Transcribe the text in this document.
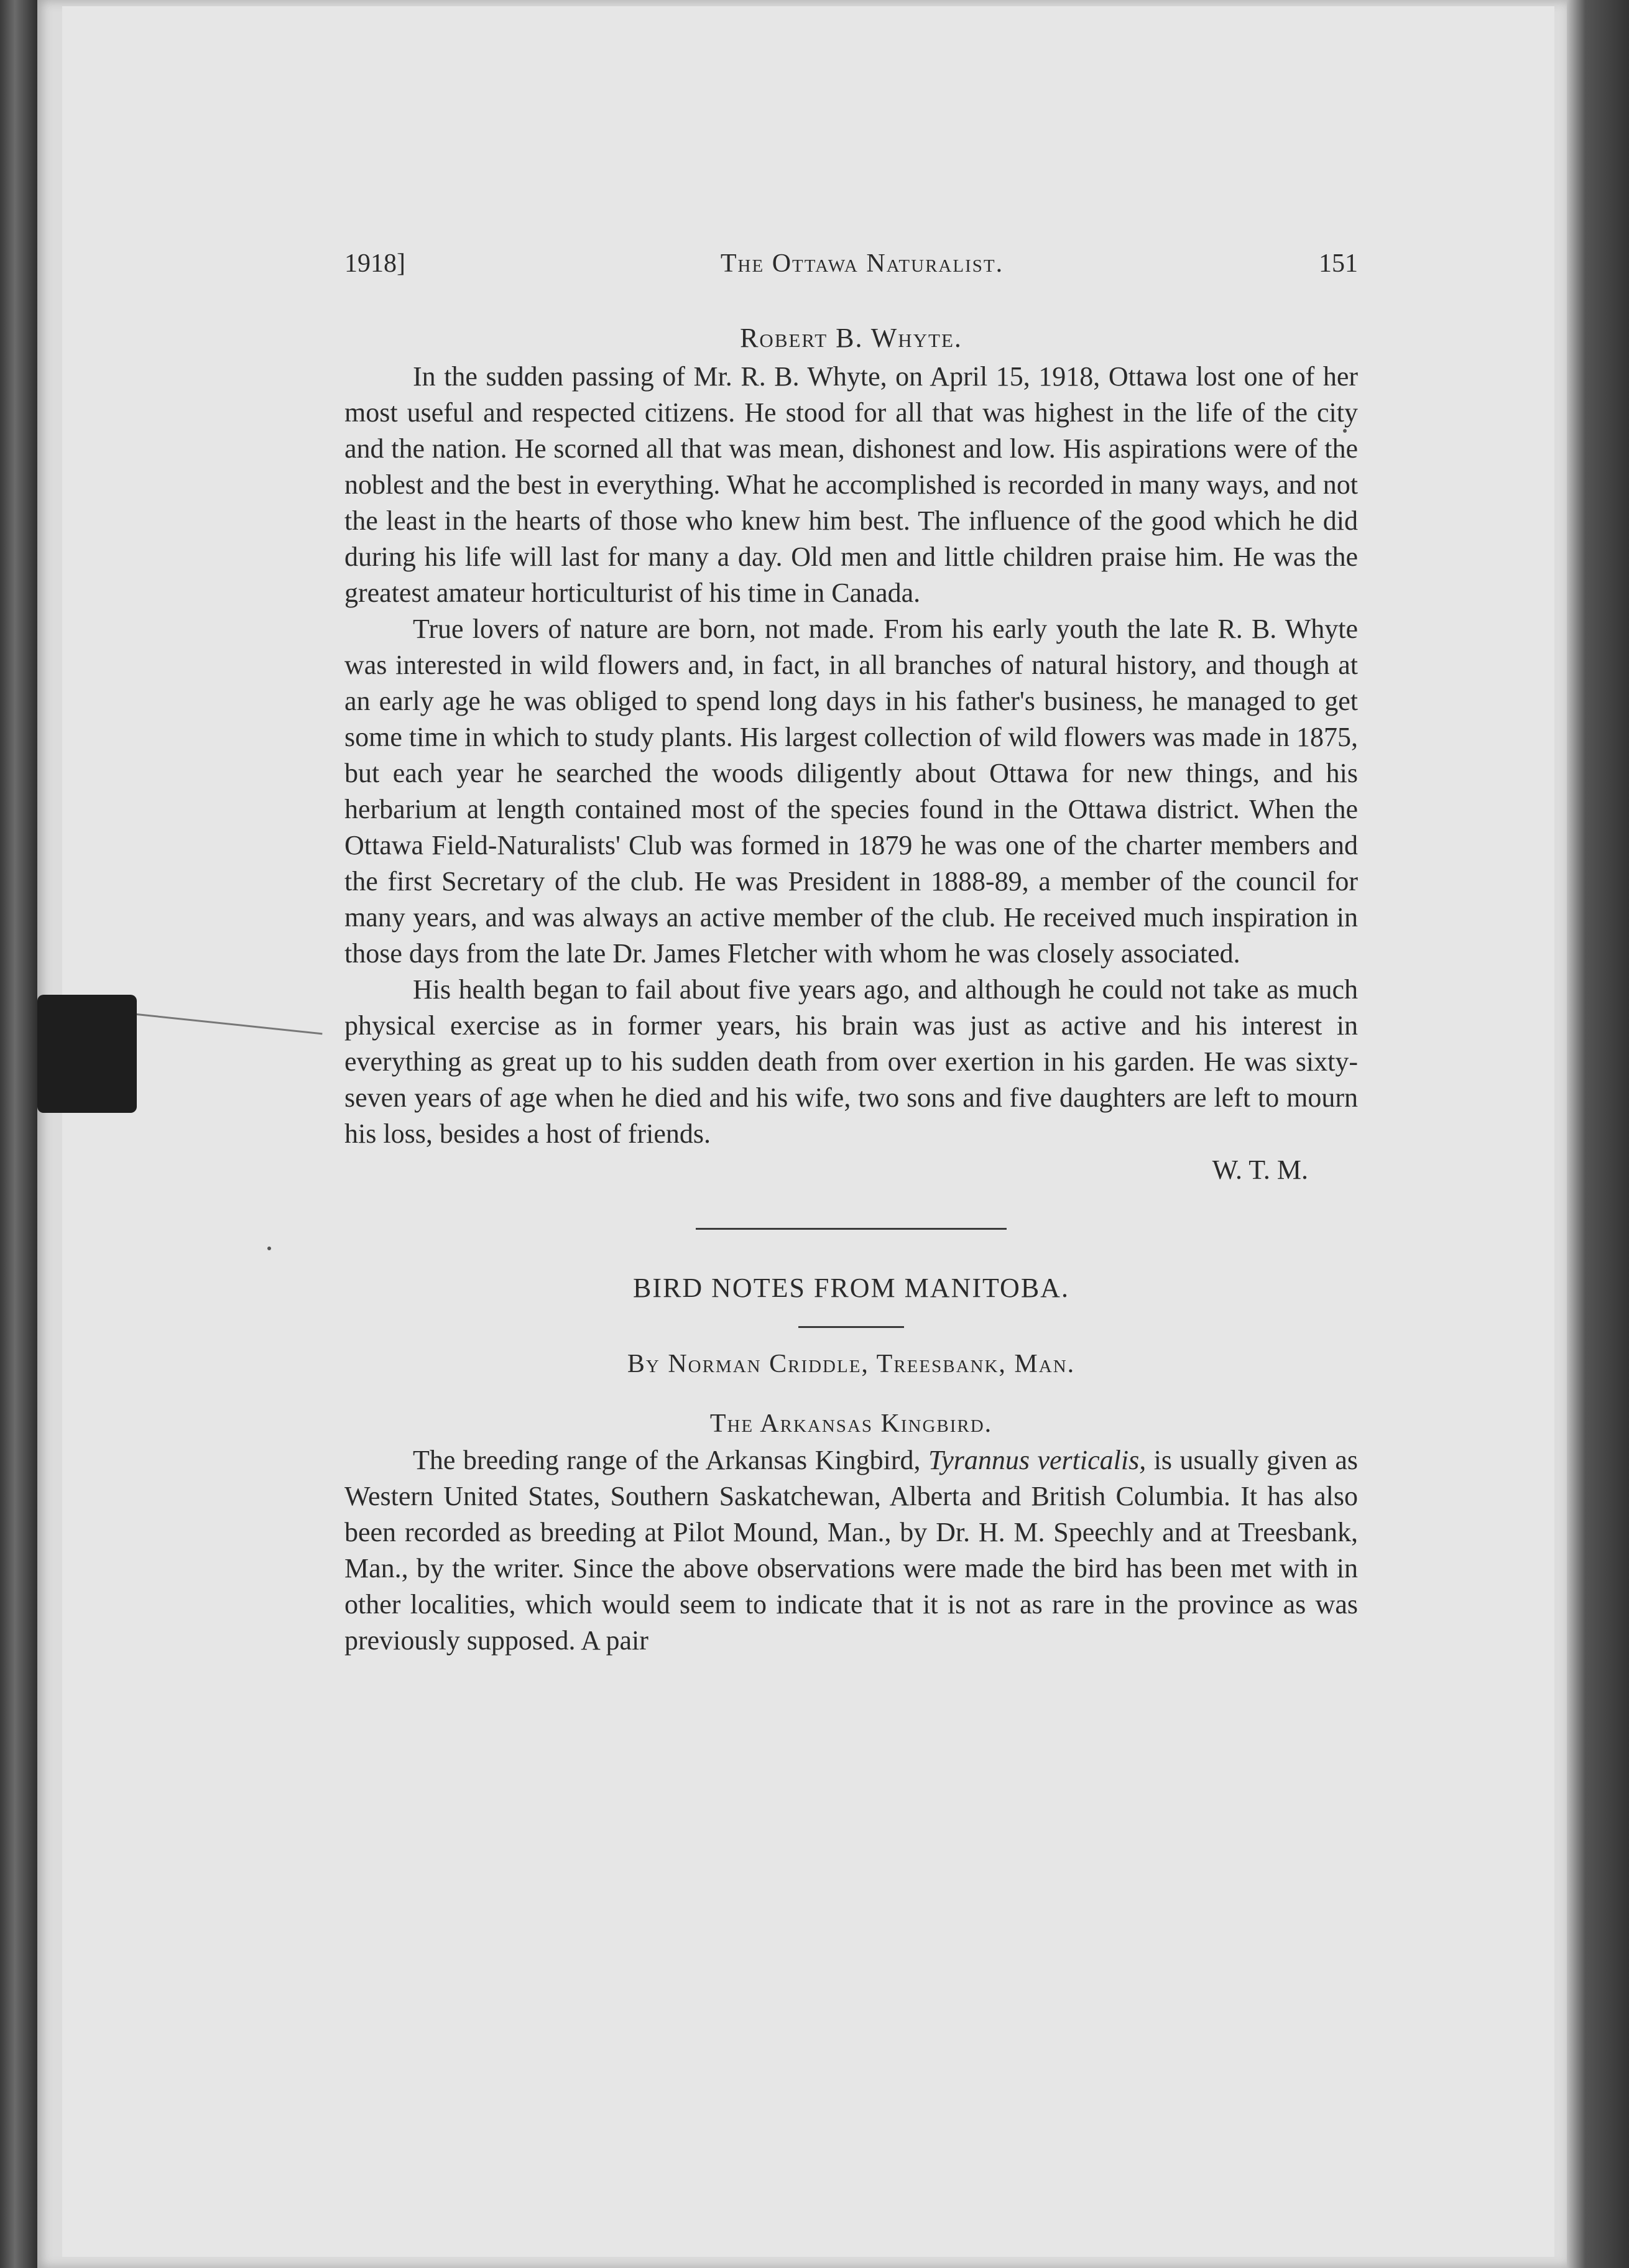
1918]	The Ottawa Naturalist.	151
Robert B. Whyte.

In the sudden passing of Mr. R. B. Whyte, on April 15, 1918, Ottawa lost one of her most useful and respected citizens. He stood for all that was highest in the life of the city and the nation. He scorned all that was mean, dishonest and low. His aspirations were of the noblest and the best in everything. What he accomplished is recorded in many ways, and not the least in the hearts of those who knew him best. The influence of the good which he did during his life will last for many a day. Old men and little children praise him. He was the greatest amateur horticulturist of his time in Canada.

True lovers of nature are born, not made. From his early youth the late R. B. Whyte was interested in wild flowers and, in fact, in all branches of natural history, and though at an early age he was obliged to spend long days in his father's business, he managed to get some time in which to study plants. His largest collection of wild flowers was made in 1875, but each year he searched the woods diligently about Ottawa for new things, and his herbarium at length contained most of the species found in the Ottawa district. When the Ottawa Field-Naturalists' Club was formed in 1879 he was one of the charter members and the first Secretary of the club. He was President in 1888-89, a member of the council for many years, and was always an active member of the club. He received much inspiration in those days from the late Dr. James Fletcher with whom he was closely associated.

His health began to fail about five years ago, and although he could not take as much physical exercise as in former years, his brain was just as active and his interest in everything as great up to his sudden death from over exertion in his garden. He was sixty-seven years of age when he died and his wife, two sons and five daughters are left to mourn his loss, besides a host of friends.

W. T. M.
BIRD NOTES FROM MANITOBA.
By Norman Criddle, Treesbank, Man.
The Arkansas Kingbird.

The breeding range of the Arkansas Kingbird, Tyrannus verticalis, is usually given as Western United States, Southern Saskatchewan, Alberta and British Columbia. It has also been recorded as breeding at Pilot Mound, Man., by Dr. H. M. Speechly and at Treesbank, Man., by the writer. Since the above observations were made the bird has been met with in other localities, which would seem to indicate that it is not as rare in the province as was previously supposed. A pair
